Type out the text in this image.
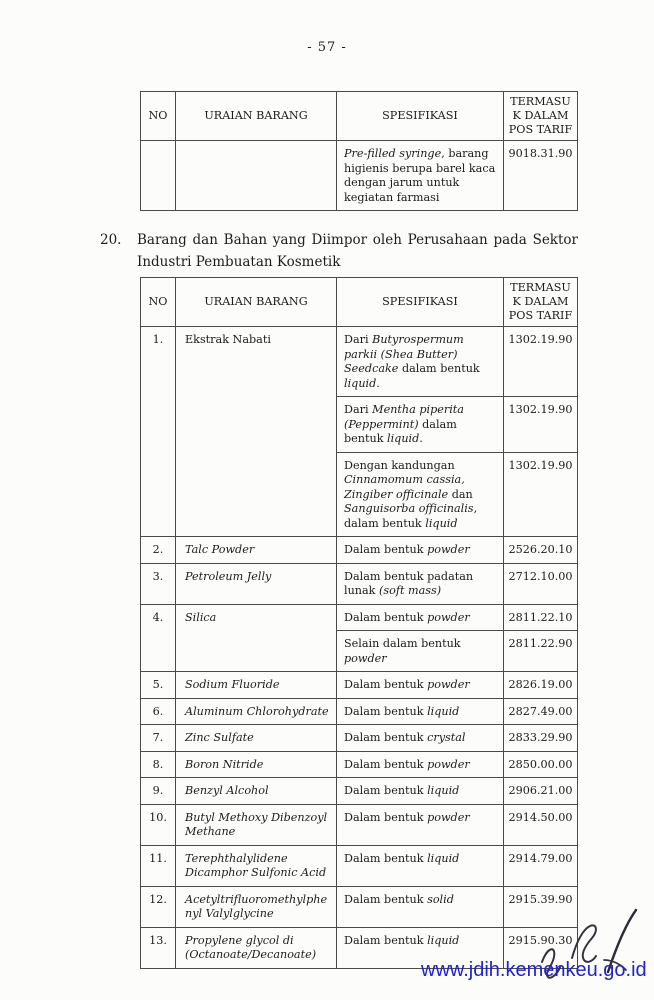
- 57 -
NO	URAIAN BARANG	SPESIFIKASI	TERMASUK DALAM POS TARIF
		Pre-filled syringe, barang higienis berupa barel kaca dengan jarum untuk kegiatan farmasi	9018.31.90
20.	Barang dan Bahan yang Diimpor oleh Perusahaan pada Sektor
Industri Pembuatan Kosmetik
NO	URAIAN BARANG	SPESIFIKASI	TERMASUK DALAM POS TARIF
1.	Ekstrak Nabati	Dari Butyrospermum parkii (Shea Butter) Seedcake dalam bentuk liquid.	1302.19.90
		Dari Mentha piperita (Peppermint) dalam bentuk liquid.	1302.19.90
		Dengan kandungan Cinnamomum cassia, Zingiber officinale dan Sanguisorba officinalis, dalam bentuk liquid	1302.19.90
2.	Talc Powder	Dalam bentuk powder	2526.20.10
3.	Petroleum Jelly	Dalam bentuk padatan lunak (soft mass)	2712.10.00
4.	Silica	Dalam bentuk powder	2811.22.10
		Selain dalam bentuk powder	2811.22.90
5.	Sodium Fluoride	Dalam bentuk powder	2826.19.00
6.	Aluminum Chlorohydrate	Dalam bentuk liquid	2827.49.00
7.	Zinc Sulfate	Dalam bentuk crystal	2833.29.90
8.	Boron Nitride	Dalam bentuk powder	2850.00.00
9.	Benzyl Alcohol	Dalam bentuk liquid	2906.21.00
10.	Butyl Methoxy Dibenzoyl Methane	Dalam bentuk powder	2914.50.00
11.	Terephthalylidene Dicamphor Sulfonic Acid	Dalam bentuk liquid	2914.79.00
12.	Acetyltrifluoromethylphenyl Valylglycine	Dalam bentuk solid	2915.39.90
13.	Propylene glycol di (Octanoate/Decanoate)	Dalam bentuk liquid	2915.90.30
www.jdih.kemenkeu.go.id
